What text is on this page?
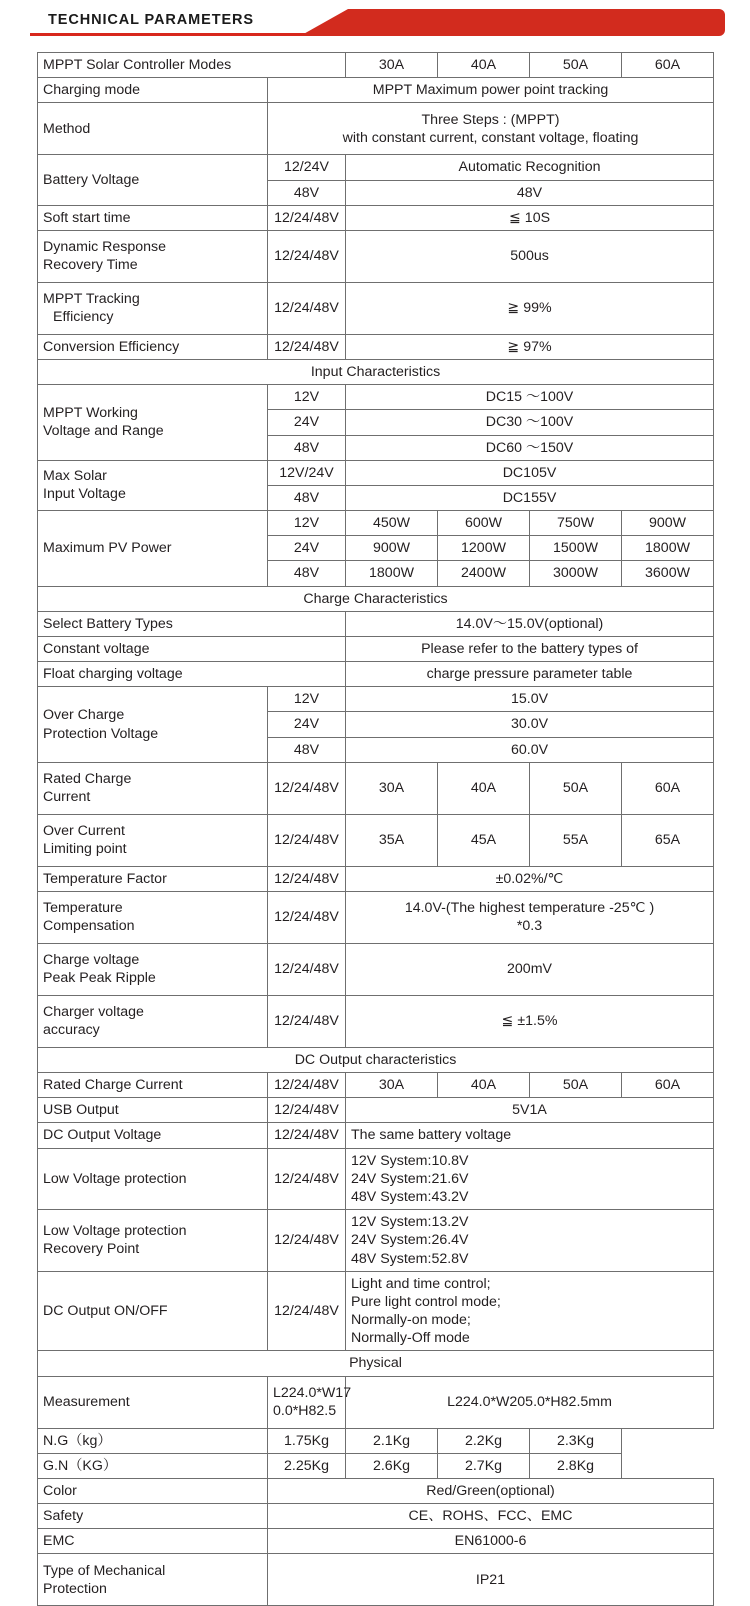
TECHNICAL PARAMETERS
MPPT Solar Controller Modes		30A	40A	50A	60A
Charging mode	MPPT Maximum power point tracking				
Method	Three Steps : (MPPT)
with constant current, constant voltage, floating				

Battery Voltage	12/24V	Automatic Recognition			
	48V	48V			
Soft start time	12/24/48V	≦ 10S			

Dynamic Response
Recovery Time	12/24/48V	500us			

MPPT Tracking
Efficiency	12/24/48V	≧ 99%			
Conversion Efficiency	12/24/48V	≧ 97%			
Input Characteristics					

MPPT Working
Voltage and Range	12V	DC15 ～100V			
	24V	DC30 ～100V			
	48V	DC60 ～150V			

Max Solar
Input Voltage	12V/24V	DC105V			
	48V	DC155V			
Maximum PV Power	12V	450W	600W	750W	900W
	24V	900W	1200W	1500W	1800W
	48V	1800W	2400W	3000W	3600W
Charge Characteristics					
Select Battery Types		14.0V～15.0V(optional)			
Constant voltage		Please refer to the battery types of			
Float charging voltage		charge pressure parameter table			

Over Charge
Protection Voltage	12V	15.0V			
	24V	30.0V			
	48V	60.0V			

Rated Charge
Current	12/24/48V	30A	40A	50A	60A

Over Current
Limiting point	12/24/48V	35A	45A	55A	65A
Temperature Factor	12/24/48V	±0.02%/℃			

Temperature
Compensation	12/24/48V	14.0V-(The highest temperature -25℃ )
*0.3			

Charge voltage
Peak Peak Ripple	12/24/48V	200mV			

Charger voltage
accuracy	12/24/48V	≦ ±1.5%			
DC Output characteristics					
Rated Charge Current	12/24/48V	30A	40A	50A	60A
USB Output	12/24/48V	5V1A			
DC Output Voltage	12/24/48V	The same battery voltage			
Low Voltage protection	12/24/48V	12V System:10.8V
24V System:21.6V
48V System:43.2V			

Low Voltage protection
Recovery Point	12/24/48V	12V System:13.2V
24V System:26.4V
48V System:52.8V			

DC Output ON/OFF	12/24/48V	Light and time control;
Pure light control mode;
Normally-on mode;
Normally-Off mode			

Physical					
Measurement	L224.0*W17
0.0*H82.5	L224.0*W205.0*H82.5mm			
N.G（kg）	1.75Kg	2.1Kg	2.2Kg	2.3Kg	
G.N（KG）	2.25Kg	2.6Kg	2.7Kg	2.8Kg	
Color	Red/Green(optional)				
Safety	CE、ROHS、FCC、EMC				
EMC	EN61000-6				

Type of Mechanical
Protection	IP21				
